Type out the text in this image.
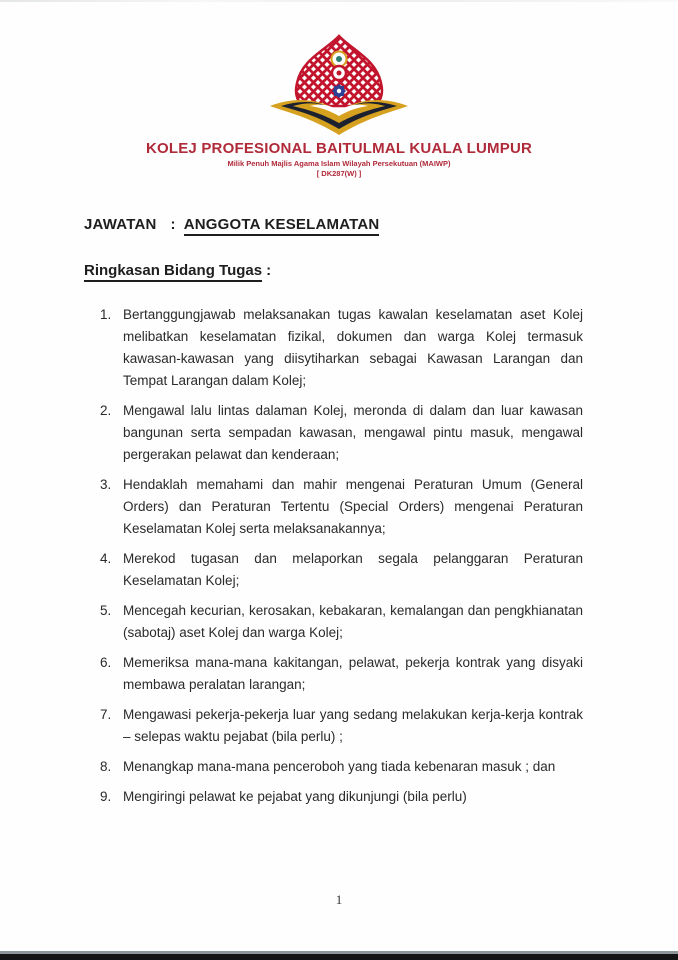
KOLEJ PROFESIONAL BAITULMAL KUALA LUMPUR
Milik Penuh Majlis Agama Islam Wilayah Persekutuan (MAIWP)
[ DK287(W) ]
JAWATAN : ANGGOTA KESELAMATAN
Ringkasan Bidang Tugas :
1. Bertanggungjawab melaksanakan tugas kawalan keselamatan aset Kolej melibatkan keselamatan fizikal, dokumen dan warga Kolej termasuk kawasan-kawasan yang diisytiharkan sebagai Kawasan Larangan dan Tempat Larangan dalam Kolej;
2. Mengawal lalu lintas dalaman Kolej, meronda di dalam dan luar kawasan bangunan serta sempadan kawasan, mengawal pintu masuk, mengawal pergerakan pelawat dan kenderaan;
3. Hendaklah memahami dan mahir mengenai Peraturan Umum (General Orders) dan Peraturan Tertentu (Special Orders) mengenai Peraturan Keselamatan Kolej serta melaksanakannya;
4. Merekod tugasan dan melaporkan segala pelanggaran Peraturan Keselamatan Kolej;
5. Mencegah kecurian, kerosakan, kebakaran, kemalangan dan pengkhianatan (sabotaj) aset Kolej dan warga Kolej;
6. Memeriksa mana-mana kakitangan, pelawat, pekerja kontrak yang disyaki membawa peralatan larangan;
7. Mengawasi pekerja-pekerja luar yang sedang melakukan kerja-kerja kontrak – selepas waktu pejabat (bila perlu) ;
8. Menangkap mana-mana penceroboh yang tiada kebenaran masuk ; dan
9. Mengiringi pelawat ke pejabat yang dikunjungi (bila perlu)
1
